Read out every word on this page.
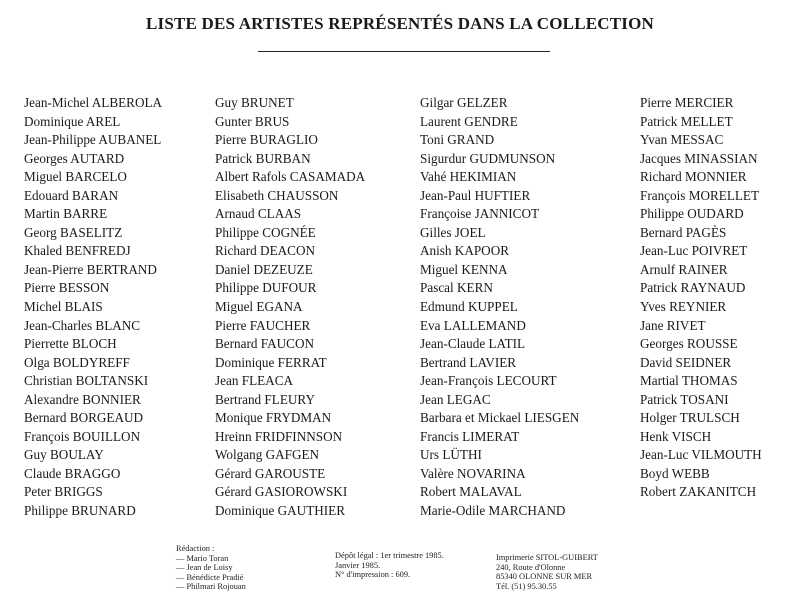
LISTE DES ARTISTES REPRÉSENTÉS DANS LA COLLECTION
Jean-Michel ALBEROLA
Dominique AREL
Jean-Philippe AUBANEL
Georges AUTARD
Miguel BARCELO
Edouard BARAN
Martin BARRE
Georg BASELITZ
Khaled BENFREDJ
Jean-Pierre BERTRAND
Pierre BESSON
Michel BLAIS
Jean-Charles BLANC
Pierrette BLOCH
Olga BOLDYREFF
Christian BOLTANSKI
Alexandre BONNIER
Bernard BORGEAUD
François BOUILLON
Guy BOULAY
Claude BRAGGO
Peter BRIGGS
Philippe BRUNARD
Guy BRUNET
Gunter BRUS
Pierre BURAGLIO
Patrick BURBAN
Albert Rafols CASAMADA
Elisabeth CHAUSSON
Arnaud CLAAS
Philippe COGNÉE
Richard DEACON
Daniel DEZEUZE
Philippe DUFOUR
Miguel EGANA
Pierre FAUCHER
Bernard FAUCON
Dominique FERRAT
Jean FLEACA
Bertrand FLEURY
Monique FRYDMAN
Hreinn FRIDFINNSON
Wolgang GAFGEN
Gérard GAROUSTE
Gérard GASIOROWSKI
Dominique GAUTHIER
Gilgar GELZER
Laurent GENDRE
Toni GRAND
Sigurdur GUDMUNSON
Vahé HEKIMIAN
Jean-Paul HUFTIER
Françoise JANNICOT
Gilles JOEL
Anish KAPOOR
Miguel KENNA
Pascal KERN
Edmund KUPPEL
Eva LALLEMAND
Jean-Claude LATIL
Bertrand LAVIER
Jean-François LECOURT
Jean LEGAC
Barbara et Mickael LIESGEN
Francis LIMERAT
Urs LÜTHI
Valère NOVARINA
Robert MALAVAL
Marie-Odile MARCHAND
Pierre MERCIER
Patrick MELLET
Yvan MESSAC
Jacques MINASSIAN
Richard MONNIER
François MORELLET
Philippe OUDARD
Bernard PAGÈS
Jean-Luc POIVRET
Arnulf RAINER
Patrick RAYNAUD
Yves REYNIER
Jane RIVET
Georges ROUSSE
David SEIDNER
Martial THOMAS
Patrick TOSANI
Holger TRULSCH
Henk VISCH
Jean-Luc VILMOUTH
Boyd WEBB
Robert ZAKANITCH
Rédaction :
— Mario Toran
— Jean de Loisy
— Bénédicte Pradié
— Philmari Rojouan
Dépôt légal : 1er trimestre 1985.
Janvier 1985.
N° d'impression : 609.
Imprimerie SITOL-GUIBERT
240, Route d'Olonne
85340 OLONNE SUR MER
Tél. (51) 95.30.55
